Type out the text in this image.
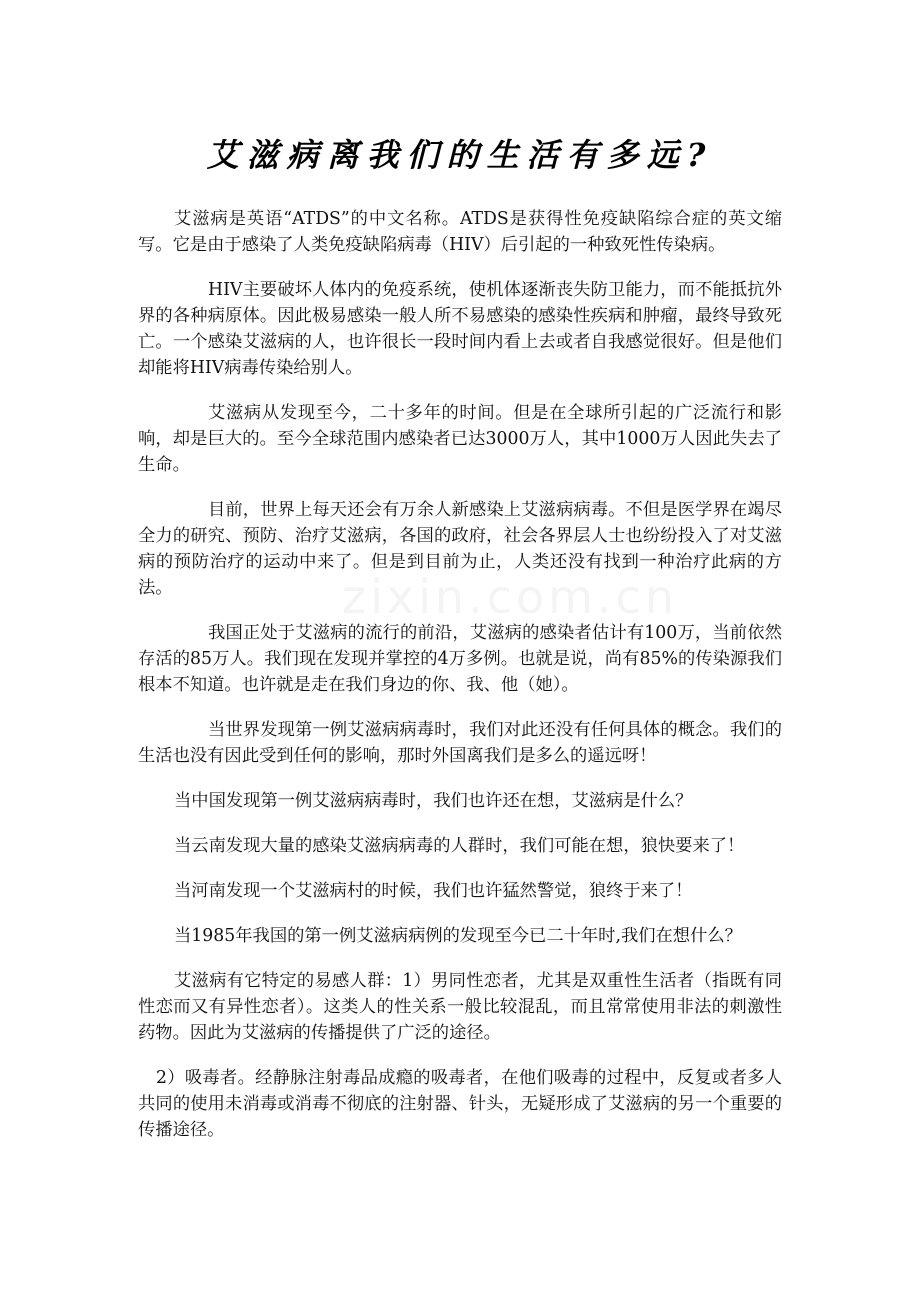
zixin.com.cn
艾滋病离我们的生活有多远?

艾滋病是英语“ATDS”的中文名称。ATDS是获得性免疫缺陷综合症的英文缩写。它是由于感染了人类免疫缺陷病毒（HIV）后引起的一种致死性传染病。

HIV主要破坏人体内的免疫系统，使机体逐渐丧失防卫能力，而不能抵抗外界的各种病原体。因此极易感染一般人所不易感染的感染性疾病和肿瘤，最终导致死亡。一个感染艾滋病的人，也许很长一段时间内看上去或者自我感觉很好。但是他们却能将HIV病毒传染给别人。

艾滋病从发现至今，二十多年的时间。但是在全球所引起的广泛流行和影响，却是巨大的。至今全球范围内感染者已达3000万人，其中1000万人因此失去了生命。

目前，世界上每天还会有万余人新感染上艾滋病病毒。不但是医学界在竭尽全力的研究、预防、治疗艾滋病，各国的政府，社会各界层人士也纷纷投入了对艾滋病的预防治疗的运动中来了。但是到目前为止，人类还没有找到一种治疗此病的方法。

我国正处于艾滋病的流行的前沿，艾滋病的感染者估计有100万，当前依然存活的85万人。我们现在发现并掌控的4万多例。也就是说，尚有85%的传染源我们根本不知道。也许就是走在我们身边的你、我、他（她）。

当世界发现第一例艾滋病病毒时，我们对此还没有任何具体的概念。我们的生活也没有因此受到任何的影响，那时外国离我们是多么的遥远呀！

当中国发现第一例艾滋病病毒时，我们也许还在想，艾滋病是什么？

当云南发现大量的感染艾滋病病毒的人群时，我们可能在想，狼快要来了！

当河南发现一个艾滋病村的时候，我们也许猛然警觉，狼终于来了！

当1985年我国的第一例艾滋病病例的发现至今已二十年时,我们在想什么？

艾滋病有它特定的易感人群：1）男同性恋者，尤其是双重性生活者（指既有同性恋而又有异性恋者）。这类人的性关系一般比较混乱，而且常常使用非法的刺激性药物。因此为艾滋病的传播提供了广泛的途径。

2）吸毒者。经静脉注射毒品成瘾的吸毒者，在他们吸毒的过程中，反复或者多人共同的使用未消毒或消毒不彻底的注射器、针头，无疑形成了艾滋病的另一个重要的传播途径。
